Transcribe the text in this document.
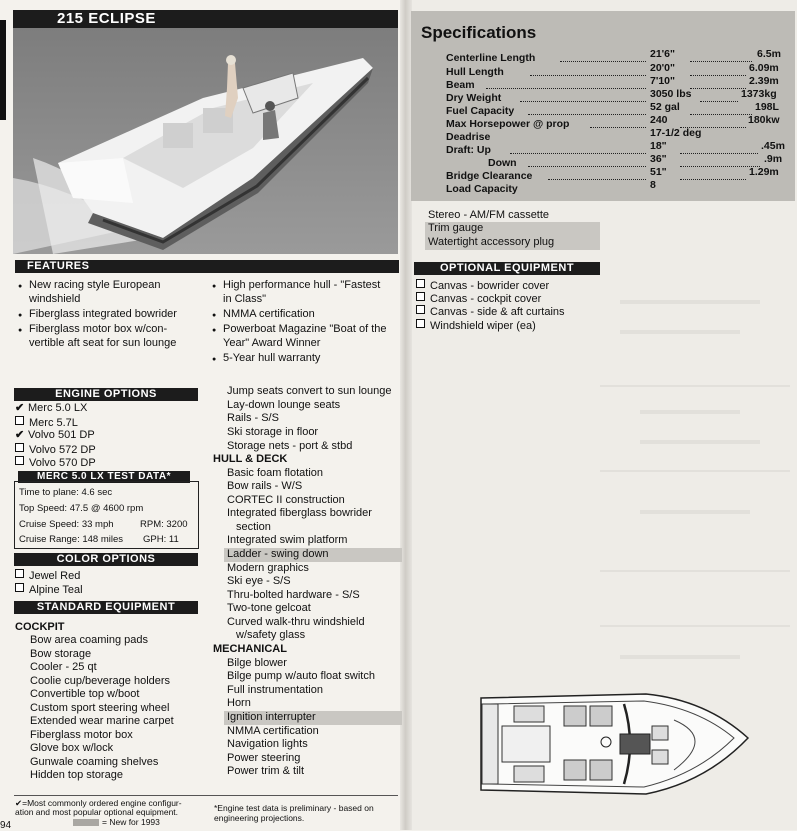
215 ECLIPSE
FEATURES
● New racing style European
windshield
● Fiberglass integrated bowrider
● Fiberglass motor box w/con-
vertible aft seat for sun lounge
● High performance hull - "Fastest
in Class"
● NMMA certification
● Powerboat Magazine "Boat of the
Year" Award Winner
● 5-Year hull warranty
ENGINE OPTIONS
✔ Merc 5.0 LX
Merc 5.7L
✔ Volvo 501 DP
Volvo 572 DP
Volvo 570 DP
MERC 5.0 LX TEST DATA*
Time to plane: 4.6 sec
Top Speed: 47.5 @ 4600 rpm
Cruise Speed: 33 mph	RPM: 3200
Cruise Range: 148 miles GPH: 11
COLOR OPTIONS
Jewel Red
Alpine Teal
STANDARD EQUIPMENT
COCKPIT
Bow area coaming pads
Bow storage
Cooler - 25 qt
Coolie cup/beverage holders
Convertible top w/boot
Custom sport steering wheel
Extended wear marine carpet
Fiberglass motor box
Glove box w/lock
Gunwale coaming shelves
Hidden top storage
Jump seats convert to sun lounge
Lay-down lounge seats
Rails - S/S
Ski storage in floor
Storage nets - port & stbd
HULL & DECK
Basic foam flotation
Bow rails - W/S
CORTEC II construction
Integrated fiberglass bowrider
section
Integrated swim platform
Ladder - swing down
Modern graphics
Ski eye - S/S
Thru-bolted hardware - S/S
Two-tone gelcoat
Curved walk-thru windshield
w/safety glass
MECHANICAL
Bilge blower
Bilge pump w/auto float switch
Full instrumentation
Horn
Ignition interrupter
NMMA certification
Navigation lights
Power steering
Power trim & tilt
✔=Most commonly ordered engine configur-
ation and most popular optional equipment.
= New for 1993
*Engine test data is preliminary - based on
engineering projections.
94
Specifications
Centerline Length	21'6"	6.5m
Hull Length	20'0"	6.09m
Beam	7'10"	2.39m
Dry Weight	3050 lbs	1373kg
Fuel Capacity	52 gal	198L
Max Horsepower @ prop	240	180kw
Deadrise	17-1/2 deg
Draft: Up	18"	.45m
Down	36"	.9m
Bridge Clearance	51"	1.29m
Load Capacity	8
Stereo - AM/FM cassette
Trim gauge
Watertight accessory plug
OPTIONAL EQUIPMENT
Canvas - bowrider cover
Canvas - cockpit cover
Canvas - side & aft curtains
Windshield wiper (ea)
